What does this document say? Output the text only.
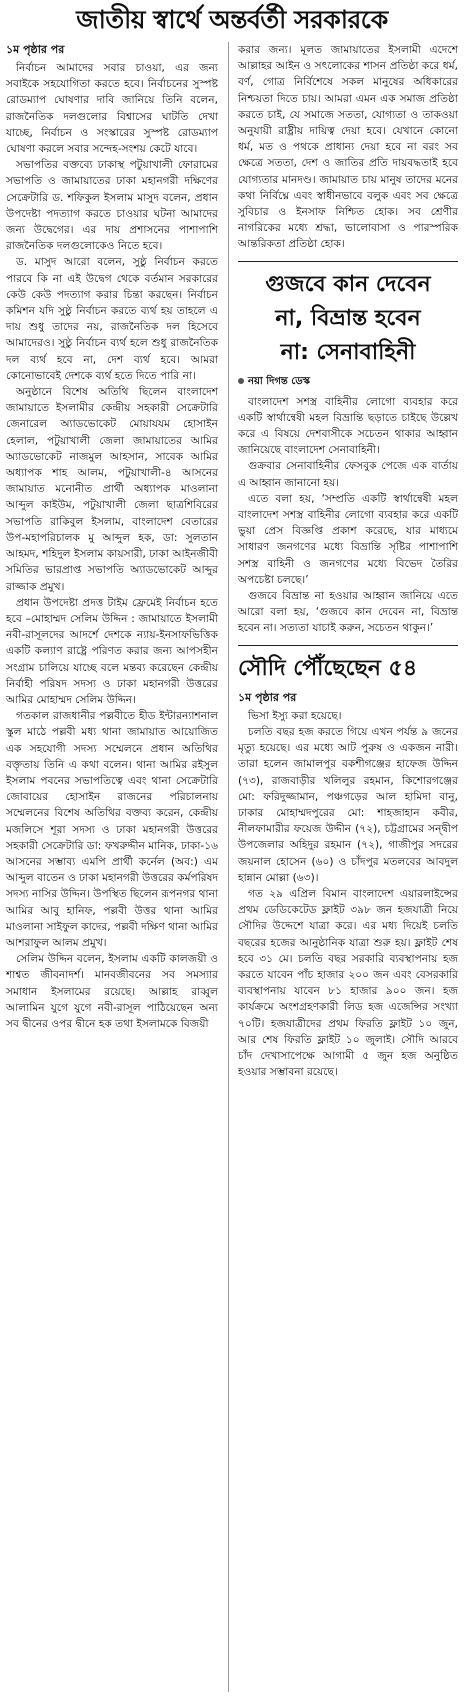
জাতীয় স্বার্থে অন্তর্বর্তী সরকারকে
১ম পৃষ্ঠার পর

নির্বাচন আমাদের সবার চাওয়া, এর জন্য সবাইকে সহযোগিতা করতে হবে। নির্বাচনের সুস্পষ্ট রোডম্যাপ ঘোষণার দাবি জানিয়ে তিনি বলেন, রাজনৈতিক দলগুলোর বিশ্বাসের ঘাটতি দেখা যাচ্ছে, নির্বাচন ও সংস্কারের সুস্পষ্ট রোডম্যাপ ঘোষণা করলে সবার সন্দেহ-সংশয় কেটে যাবে।

সভাপতির বক্তব্যে ঢাকাস্থ পটুয়াখালী ফোরামের সভাপতি ও জামায়াতের ঢাকা মহানগরী দক্ষিণের সেক্রেটারি ড. শফিকুল ইসলাম মাসুদ বলেন, প্রধান উপদেষ্টা পদত্যাগ করতে চাওয়ার ঘটনা আমাদের জন্য উদ্বেগের। এর দায় প্রশাসনের পাশাপাশি রাজনৈতিক দলগুলোকেও নিতে হবে।

ড. মাসুদ আরো বলেন, সুষ্ঠু নির্বাচন করতে পারবে কি না এই উদ্বেগ থেকে বর্তমান সরকারের কেউ কেউ পদত্যাগ করার চিন্তা করছেন। নির্বাচন কমিশন যদি সুষ্ঠু নির্বাচন করতে ব্যর্থ হয় তাহলে এ দায় শুধু তাদের নয়, রাজনৈতিক দল হিসেবে আমাদেরও। সুষ্ঠু নির্বাচন ব্যর্থ হলে শুধু রাজনৈতিক দল ব্যর্থ হবে না, দেশ ব্যর্থ হবে। আমরা কোনোভাবেই দেশকে ব্যর্থ হতে দিতে পারি না।

অনুষ্ঠানে বিশেষ অতিথি ছিলেন বাংলাদেশ জামায়াতে ইসলামীর কেন্দ্রীয় সহকারী সেক্রেটারি জেনারেল অ্যাডভোকেট মোয়াযযম হোসাইন হেলাল, পটুয়াখালী জেলা জামায়াতের আমির অ্যাডভোকেট নাজমুল আহসান, সাবেক আমির অধ্যাপক শাহ আলম, পটুয়াখালী-৪ আসনের জামায়াত মনোনীত প্রার্থী অধ্যাপক মাওলানা আব্দুল কাইউম, পটুয়াখালী জেলা ছাত্রশিবিরের সভাপতি রাকিবুল ইসলাম, বাংলাদেশ বেতারের উপ-মহাপরিচালক মু আব্দুল হক, ডা: সুলতান আহমদ, শহিদুল ইসলাম কায়সারী, ঢাকা আইনজীবী সমিতির ভারপ্রাপ্ত সভাপতি অ্যাডভোকেট আব্দুর রাজ্জাক প্রমুখ।

প্রধান উপদেষ্টা প্রদত্ত টাইম ফ্রেমেই নির্বাচন হতে হবে –মোহাম্মদ সেলিম উদ্দিন : জামায়াতে ইসলামী নবী-রাসূলদের আদর্শে দেশকে ন্যায়-ইনসাফভিত্তিক একটি কল্যাণ রাষ্ট্রে পরিণত করার জন্য আপসহীন সংগ্রাম চালিয়ে যাচ্ছে বলে মন্তব্য করেছেন কেন্দ্রীয় নির্বাহী পরিষদ সদস্য ও ঢাকা মহানগরী উত্তরের আমির মোহাম্মদ সেলিম উদ্দিন।

গতকাল রাজধানীর পল্লবীতে হীড ইন্টারন্যাশনাল স্কুল মাঠে পল্লবী মধ্য থানা জামায়াত আয়োজিত এক সহযোগী সদস্য সম্মেলনে প্রধান অতিথির বক্তৃতায় তিনি এ কথা বলেন। থানা আমির রইসুল ইসলাম পবনের সভাপতিত্বে এবং থানা সেক্রেটারি জোবায়ের হোসাইন রাজনের পরিচালনায় সম্মেলনের বিশেষ অতিথির বক্তব্য করেন, কেন্দ্রীয় মজলিসে শূরা সদস্য ও ঢাকা মহানগরী উত্তরের সহকারী সেক্রেটারি ডা: ফখরুদ্দীন মানিক, ঢাকা-১৬ আসনের সম্ভাব্য এমপি প্রার্থী কর্নেল (অব:) এম আব্দুল বাতেন ও ঢাকা মহানগরী উত্তরের কর্মপরিষদ সদস্য নাসির উদ্দিন। উপস্থিত ছিলেন রূপনগর থানা আমির আবু হানিফ, পল্লবী উত্তর থানা আমির মাওলানা সাইফুল কাদের, পল্লবী দক্ষিণ থানা আমির আশরাফুল আলম প্রমুখ।

সেলিম উদ্দিন বলেন, ইসলাম একটি কালজয়ী ও শাশ্বত জীবনাদর্শ। মানবজীবনের সব সমস্যার সমাধান ইসলামের রয়েছে। আল্লাহ রাব্বুল আলামিন যুগে যুগে নবী-রাসূল পাঠিয়েছেন অন্য সব দ্বীনের ওপর দ্বীনে হক তথা ইসলামকে বিজয়ী

করার জন্য। মূলত জামায়াতের ইসলামী এদেশে আল্লাহর আইন ও সৎলোকের শাসন প্রতিষ্ঠা করে ধর্ম, বর্ণ, গোত্র নির্বিশেষে সকল মানুষের অধিকারের নিশ্চয়তা দিতে চায়। আমরা এমন এক সমাজ প্রতিষ্ঠা করতে চাই, যে সমাজে সততা, যোগ্যতা ও তাকওয়া অনুযায়ী রাষ্ট্রীয় দায়িত্ব দেয়া হবে। যেখানে কোনো ধর্ম, মত ও পথকে প্রাধান্য দেয়া হবে না বরং সব ক্ষেত্রে সততা, দেশ ও জাতির প্রতি দায়বদ্ধতাই হবে যোগ্যতার মানদণ্ড। জামায়াত চায় মানুষ তাদের মনের কথা নির্বিঘ্নে এবং স্বাধীনভাবে বলুক এবং সব ক্ষেত্রে সুবিচার ও ইনসাফ নিশ্চিত হোক। সব শ্রেণীর নাগরিকের মধ্যে শ্রদ্ধা, ভালোবাসা ও পারস্পরিক আন্তরিকতা প্রতিষ্ঠা হোক।

গুজবে কান দেবেন
না, বিভ্রান্ত হবেন
না: সেনাবাহিনী
নয়া দিগন্ত ডেস্ক

বাংলাদেশ সশস্ত্র বাহিনীর লোগো ব্যবহার করে একটি স্বার্থান্বেষী মহল বিভ্রান্তি ছড়াতে চাইছে উল্লেখ করে এ বিষয়ে দেশবাসীকে সচেতন থাকার আহ্বান জানিয়েছে বাংলাদেশ সেনাবাহিনী।

গুক্রবার সেনাবাহিনীর ফেসবুক পেজে এক বার্তায় এ আহ্বান জানানো হয়।

এতে বলা হয়, ‘সম্প্রতি একটি স্বার্থান্বেষী মহল বাংলাদেশ সশস্ত্র বাহিনীর লোগো ব্যবহার করে একটি ভুয়া প্রেস বিজ্ঞপ্তি প্রকাশ করেছে, যার মাধ্যমে সাধারণ জনগণের মধ্যে বিভ্রান্তি সৃষ্টির পাশাপাশি সশস্ত্র বাহিনী ও জনগণের মধ্যে বিভেদ তৈরির অপচেষ্টা চলছে।’

গুজবে বিভ্রান্ত না হওয়ার আহ্বান জানিয়ে এতে আরো বলা হয়, ‘গুজবে কান দেবেন না, বিভ্রান্ত হবেন না। সত্যতা যাচাই করুন, সচেতন থাকুন।’

সৌদি পৌঁছেছেন ৫৪
১ম পৃষ্ঠার পর

ভিসা ইস্যু করা হয়েছে।

চলতি বছর হজ করতে গিয়ে এখন পর্যন্ত ৯ জনের মৃত্যু হয়েছে। এর মধ্যে আট পুরুষ ও একজন নারী। তারা হলেন জামালপুর বকশীগঞ্জের হাফেজ উদ্দিন (৭৩), রাজবাড়ীর খলিলুর রহমান, কিশোরগঞ্জের মো: ফরিদুজ্জামান, পঞ্চগড়ের আল হামিদা বানু, ঢাকার মোহাম্মদপুরের মো: শাহজাহান কবীর, নীলফামারীর ফয়েজ উদ্দীন (৭২), চট্টগ্রামের সন্দ্বীপ উপজেলার অহিদুর রহমান (৭২), গাজীপুর সদরের জয়নাল হোসেন (৬০) ও চাঁদপুর মতলবের আবদুল হান্নান মোল্লা (৬৩)।

গত ২৯ এপ্রিল বিমান বাংলাদেশ এয়ারলাইন্সের প্রথম ডেডিকেটেড ফ্লাইট ৩৯৮ জন হজযাত্রী নিয়ে সৌদির উদ্দেশে যাত্রা করে। এর মধ্য দিয়েই চলতি বছরের হজের আনুষ্ঠানিক যাত্রা শুরু হয়। ফ্লাইট শেষ হবে ৩১ মে। চলতি বছর সরকারি ব্যবস্থাপনায় হজ করতে যাবেন পাঁচ হাজার ২০০ জন এবং বেসরকারি ব্যবস্থাপনায় যাবেন ৮১ হাজার ৯০০ জন। হজ কার্যক্রমে অংশগ্রহণকারী লিড হজ এজেন্সির সংখ্যা ৭০টি। হজযাত্রীদের প্রথম ফিরতি ফ্লাইট ১০ জুন, আর শেষ ফিরতি ফ্লাইট ১০ জুলাই। সৌদি আরবে চাঁদ দেখাসাপেক্ষে আগামী ৫ জুন হজ অনুষ্ঠিত হওয়ার সম্ভাবনা রয়েছে।
